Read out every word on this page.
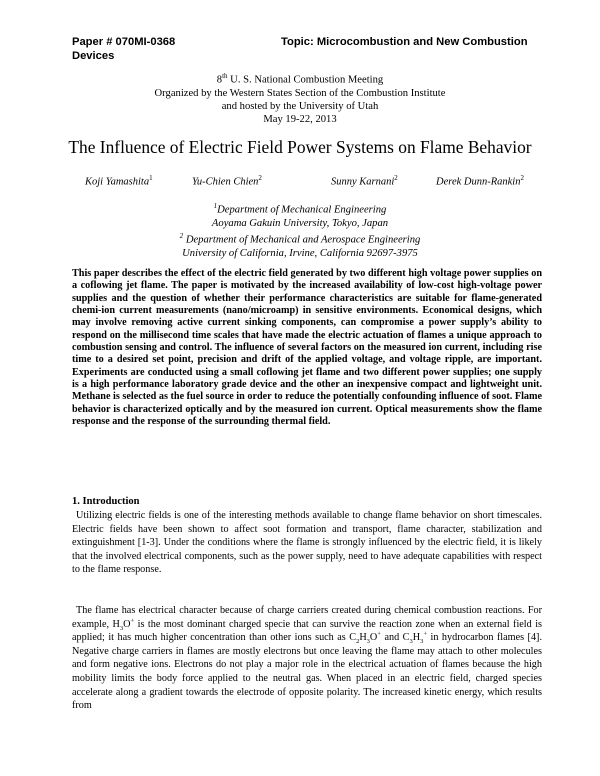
Paper # 070MI-0368	Topic: Microcombustion and New Combustion
Devices
8th U. S. National Combustion Meeting
Organized by the Western States Section of the Combustion Institute
and hosted by the University of Utah
May 19-22, 2013
The Influence of Electric Field Power Systems on Flame Behavior
Koji Yamashita$^1$	Yu-Chien Chien$^2$	Sunny Karnani$^2$	Derek Dunn-Rankin$^2$
$^1$Department of Mechanical Engineering
Aoyama Gakuin University, Tokyo, Japan
$^2$ Department of Mechanical and Aerospace Engineering
University of California, Irvine, California 92697-3975

This paper describes the effect of the electric field generated by two different high voltage power supplies on a coflowing jet flame. The paper is motivated by the increased availability of low-cost high-voltage power supplies and the question of whether their performance characteristics are suitable for flame-generated chemi-ion current measurements (nano/microamp) in sensitive environments. Economical designs, which may involve removing active current sinking components, can compromise a power supply’s ability to respond on the millisecond time scales that have made the electric actuation of flames a unique approach to combustion sensing and control. The influence of several factors on the measured ion current, including rise time to a desired set point, precision and drift of the applied voltage, and voltage ripple, are important. Experiments are conducted using a small coflowing jet flame and two different power supplies; one supply is a high performance laboratory grade device and the other an inexpensive compact and lightweight unit. Methane is selected as the fuel source in order to reduce the potentially confounding influence of soot. Flame behavior is characterized optically and by the measured ion current. Optical measurements show the flame response and the response of the surrounding thermal field.

1. Introduction

Utilizing electric fields is one of the interesting methods available to change flame behavior on short timescales. Electric fields have been shown to affect soot formation and transport, flame character, stabilization and extinguishment [1-3]. Under the conditions where the flame is strongly influenced by the electric field, it is likely that the involved electrical components, such as the power supply, need to have adequate capabilities with respect to the flame response.

The flame has electrical character because of charge carriers created during chemical combustion reactions. For example, $H_3O^+$ is the most dominant charged specie that can survive the reaction zone when an external field is applied; it has much higher concentration than other ions such as $C_2H_3O^+$ and $C_3H_3^+$ in hydrocarbon flames [4]. Negative charge carriers in flames are mostly electrons but once leaving the flame may attach to other molecules and form negative ions. Electrons do not play a major role in the electrical actuation of flames because the high mobility limits the body force applied to the neutral gas. When placed in an electric field, charged species accelerate along a gradient towards the electrode of opposite polarity. The increased kinetic energy, which results from
